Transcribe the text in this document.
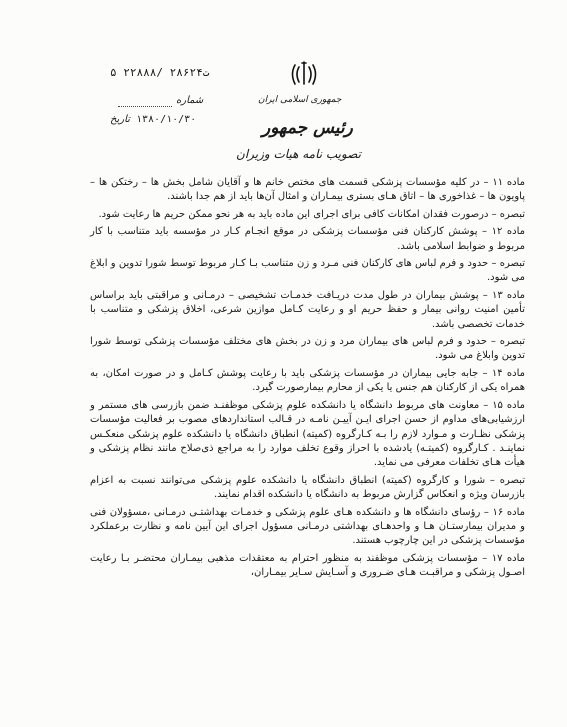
۵ ۲۲۸۸۸/ ت۲۸۶۲۴
جمهوری اسلامی ایران
رئیس جمهور
تصویب نامه هیات وزیران
شماره
۱۳۸۰/۱۰/۳۰
تاریخ

ماده ۱۱ – در کلیه مؤسسات پزشکی قسمت های مختص خانم ها و آقایان شامل بخش ها – رختکن ها – پاویون ها – غذاخوری ها – اتاق هـای بستری بیمـاران و امثال آن‌ها باید از هم جدا باشند.

تبصره – درصورت فقدان امکانات کافی برای اجرای این ماده باید به هر نحو ممکن حریم ها رعایت شود.

ماده ۱۲ – پوشش کارکنان فنی مؤسسات پزشکی در موقع انجـام کـار در مؤسسه باید متناسب با کار مربوط و ضوابط اسلامی باشد.

تبصره – حدود و فرم لباس های کارکنان فنی مـرد و زن متناسب بـا کـار مربوط توسط شورا تدوین و ابلاغ می شود.

ماده ۱۳ – پوشش بیماران در طول مدت دریـافت خدمـات تشخیصی – درمـانی و مراقبتی باید براساس تأمین امنیت روانی بیمار و حفظ حریم او و رعایت کـامل موازین شرعی، اخلاق پزشکی و متناسب با خدمات تخصصی باشد.

تبصره – حدود و فرم لباس های بیماران مرد و زن در بخش های مختلف مؤسسات پزشکی توسط شورا تدوین وابلاغ می شود.

ماده ۱۴ – جابه جایی بیماران در مؤسسات پزشکی باید با رعایت پوشش کـامل و در صورت امکان، به همراه یکی از کارکنان هم جنس یا یکی از محارم بیمارصورت گیرد.

ماده ۱۵ – معاونت های مربوط دانشگاه یا دانشکده علوم پزشکی موظفنـد ضمن بازرسی های مستمر و ارزشیابی‌های مداوم از حسن اجرای ایـن آییـن نامـه در قـالب استانداردهای مصوب بر فعالیت مؤسسات پزشکی نظـارت و مـوارد لازم را بـه کـارگروه (کمیته) انطباق دانشگاه یا دانشکده علوم پزشکی منعکـس نماینـد . کـارگروه (کمیتـه) یادشده با احراز وقوع تخلف موارد را به مراجع ذی‌صلاح مانند نظام پزشکی و هیأت هـای تخلفات معرفی می نماید.

تبصره – شورا و کارگروه (کمیته) انطباق دانشگاه یا دانشکده علوم پزشکی می‌توانند نسبت به اعزام بازرسان ویژه و انعکاس گزارش مربوط به دانشگاه یا دانشکده اقدام نمایند.

ماده ۱۶ – رؤسای دانشگاه ها و دانشکده هـای علوم پزشکی و خدمـات بهداشتـی درمـانی ،مسؤولان فنی و مدیران بیمارستـان هـا و واحدهـای بهداشتی درمـانی مسؤول اجرای این آیین نامه و نظارت برعملکرد مؤسسات پزشکی در این چارچوب هستند.

ماده ۱۷ – مؤسسات پزشکی موظفند به منظور احترام به معتقدات مذهبی بیمـاران محتضـر بـا رعایت اصـول پزشکی و مراقبـت هـای ضـروری و آسـایش سـایر بیمـاران،
